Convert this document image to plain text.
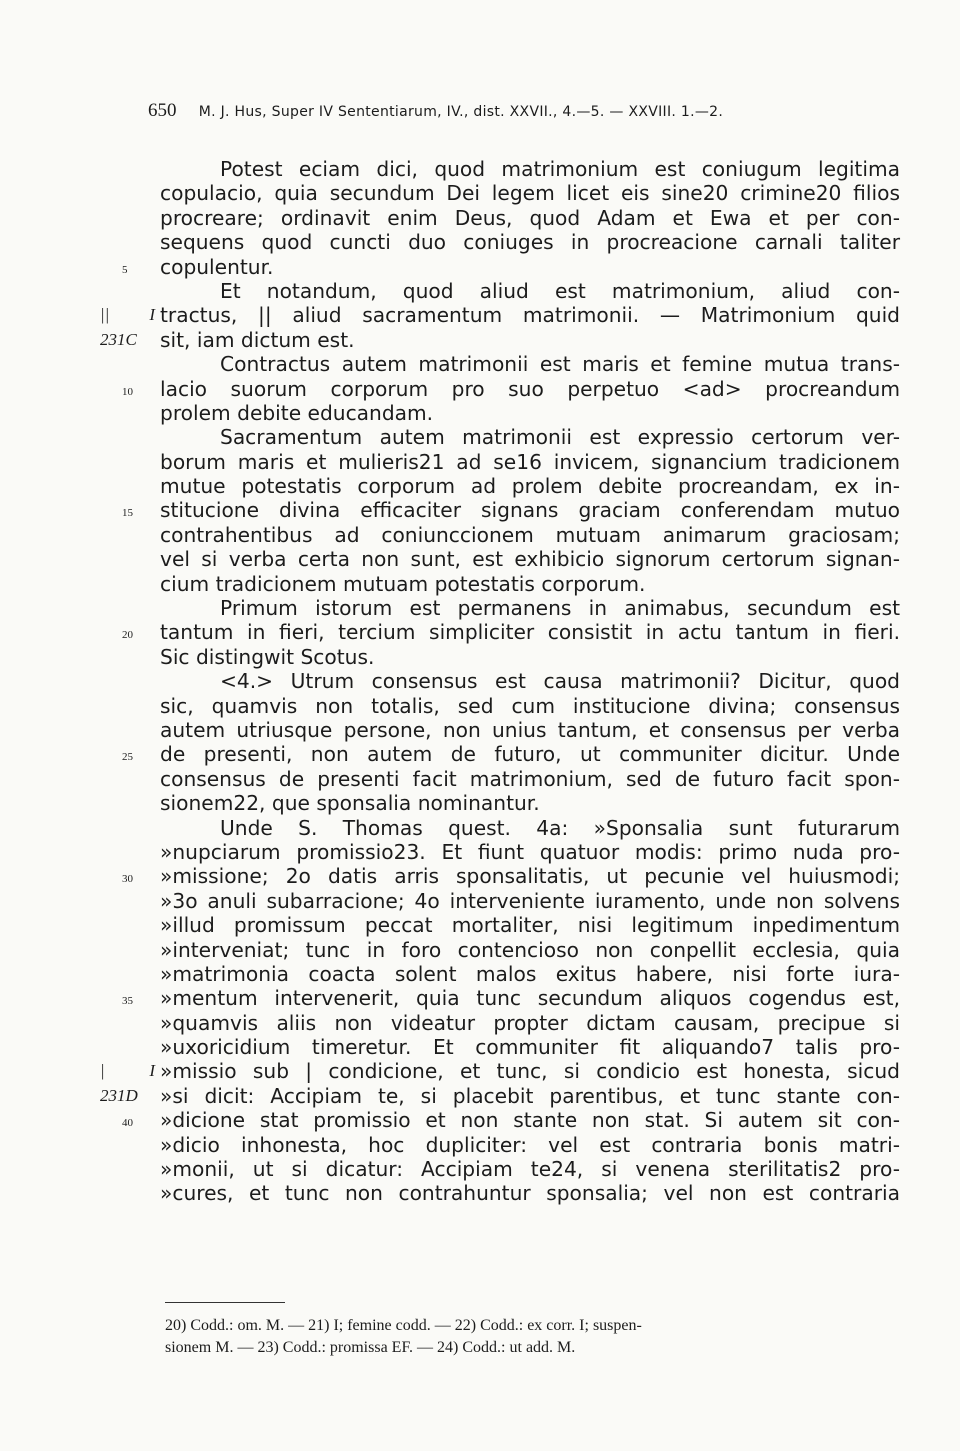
650 M. J. Hus, Super IV Sententiarum, IV., dist. XXVII., 4.—5. — XXVIII. 1.—2.
Potest eciam dici, quod matrimonium est coniugum legitima
copulacio, quia secundum Dei legem licet eis sine20 crimine20 filios
procreare; ordinavit enim Deus, quod Adam et Ewa et per con-
sequens quod cuncti duo coniuges in procreacione carnali taliter
5	copulentur.
Et notandum, quod aliud est matrimonium, aliud con-
|| I tractus, || aliud sacramentum matrimonii. — Matrimonium quid
231C	sit, iam dictum est.
Contractus autem matrimonii est maris et femine mutua trans-
10	lacio suorum corporum pro suo perpetuo <ad> procreandum
prolem debite educandam.
Sacramentum autem matrimonii est expressio certorum ver-
borum maris et mulieris21 ad se16 invicem, signancium tradicionem
mutue potestatis corporum ad prolem debite procreandam, ex in-
15	stitucione divina efficaciter signans graciam conferendam mutuo
contrahentibus ad coniunccionem mutuam animarum graciosam;
vel si verba certa non sunt, est exhibicio signorum certorum signan-
cium tradicionem mutuam potestatis corporum.
Primum istorum est permanens in animabus, secundum est
20	tantum in fieri, tercium simpliciter consistit in actu tantum in fieri.
Sic distingwit Scotus.
<4.> Utrum consensus est causa matrimonii? Dicitur, quod
sic, quamvis non totalis, sed cum institucione divina; consensus
autem utriusque persone, non unius tantum, et consensus per verba
25	de presenti, non autem de futuro, ut communiter dicitur. Unde
consensus de presenti facit matrimonium, sed de futuro facit spon-
sionem22, que sponsalia nominantur.
Unde S. Thomas quest. 4a: »Sponsalia sunt futurarum
»nupciarum promissio23. Et fiunt quatuor modis: primo nuda pro-
30	»missione; 2o datis arris sponsalitatis, ut pecunie vel huiusmodi;
»3o anuli subarracione; 4o interveniente iuramento, unde non solvens
»illud promissum peccat mortaliter, nisi legitimum inpedimentum
»interveniat; tunc in foro contencioso non conpellit ecclesia, quia
»matrimonia coacta solent malos exitus habere, nisi forte iura-
35	»mentum intervenerit, quia tunc secundum aliquos cogendus est,
»quamvis aliis non videatur propter dictam causam, precipue si
»uxoricidium timeretur. Et communiter fit aliquando7 talis pro-
| I »missio sub | condicione, et tunc, si condicio est honesta, sicud
231D	»si dicit: Accipiam te, si placebit parentibus, et tunc stante con-
40	»dicione stat promissio et non stante non stat. Si autem sit con-
»dicio inhonesta, hoc dupliciter: vel est contraria bonis matri-
»monii, ut si dicatur: Accipiam te24, si venena sterilitatis2 pro-
»cures, et tunc non contrahuntur sponsalia; vel non est contraria
20) Codd.: om. M. — 21) I; femine codd. — 22) Codd.: ex corr. I; suspen-
sionem M. — 23) Codd.: promissa EF. — 24) Codd.: ut add. M.
